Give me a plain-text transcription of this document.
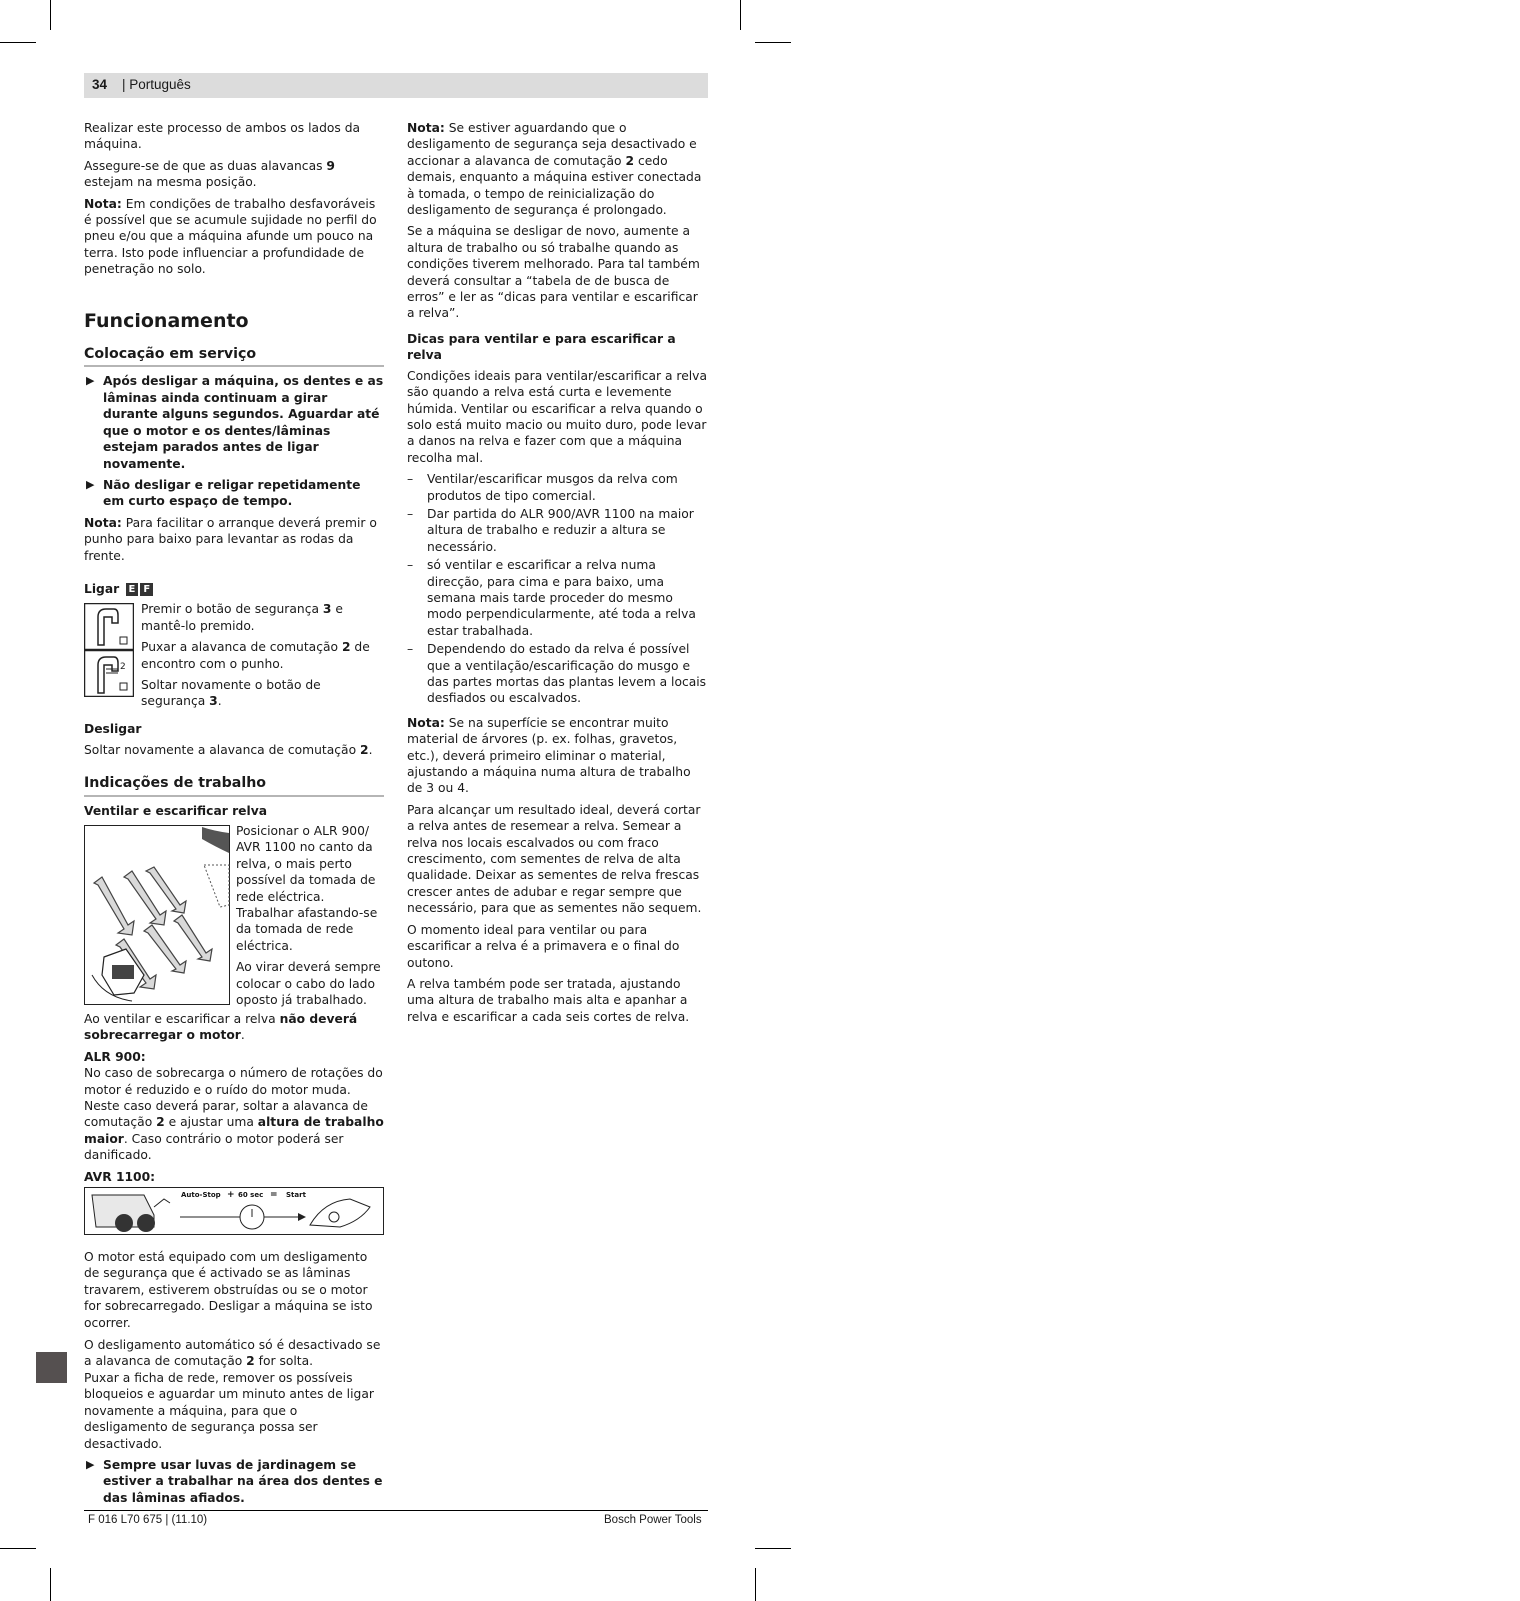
34 | Português

Realizar este processo de ambos os lados da máquina.

Assegure-se de que as duas alavancas 9 estejam na mesma posição.

Nota: Em condições de trabalho desfavoráveis é possível que se acumule sujidade no perfil do pneu e/ou que a máquina afunde um pouco na terra. Isto pode influenciar a profundidade de penetração no solo.

Funcionamento
Colocação em serviço
▶ Após desligar a máquina, os dentes e as lâminas ainda continuam a girar durante alguns segundos. Aguardar até que o motor e os dentes/lâminas estejam parados antes de ligar novamente.
▶ Não desligar e religar repetidamente em curto espaço de tempo.

Nota: Para facilitar o arranque deverá premir o punho para baixo para levantar as rodas da frente.

Ligar E F
2

Premir o botão de segurança 3 e mantê-lo premido.

Puxar a alavanca de comutação 2 de encontro com o punho.

Soltar novamente o botão de segurança 3.

Desligar

Soltar novamente a alavanca de comutação 2.

Indicações de trabalho
Ventilar e escarificar relva

Posicionar o ALR 900/ AVR 1100 no canto da relva, o mais perto possível da tomada de rede eléctrica. Trabalhar afastando-se da tomada de rede eléctrica.

Ao virar deverá sempre colocar o cabo do lado oposto já trabalhado.

Ao ventilar e escarificar a relva não deverá sobrecarregar o motor.

ALR 900:

No caso de sobrecarga o número de rotações do motor é reduzido e o ruído do motor muda. Neste caso deverá parar, soltar a alavanca de comutação 2 e ajustar uma altura de trabalho maior. Caso contrário o motor poderá ser danificado.

AVR 1100:
Auto-Stop + 60 sec = Start

O motor está equipado com um desligamento de segurança que é activado se as lâminas travarem, estiverem obstruídas ou se o motor for sobrecarregado. Desligar a máquina se isto ocorrer.

O desligamento automático só é desactivado se a alavanca de comutação 2 for solta.

Puxar a ficha de rede, remover os possíveis bloqueios e aguardar um minuto antes de ligar novamente a máquina, para que o desligamento de segurança possa ser desactivado.

▶ Sempre usar luvas de jardinagem se estiver a trabalhar na área dos dentes e das lâminas afiados.

Nota: Se estiver aguardando que o desligamento de segurança seja desactivado e accionar a alavanca de comutação 2 cedo demais, enquanto a máquina estiver conectada à tomada, o tempo de reinicialização do desligamento de segurança é prolongado.

Se a máquina se desligar de novo, aumente a altura de trabalho ou só trabalhe quando as condições tiverem melhorado. Para tal também deverá consultar a “tabela de de busca de erros” e ler as “dicas para ventilar e escarificar a relva”.

Dicas para ventilar e para escarificar a relva

Condições ideais para ventilar/escarificar a relva são quando a relva está curta e levemente húmida. Ventilar ou escarificar a relva quando o solo está muito macio ou muito duro, pode levar a danos na relva e fazer com que a máquina recolha mal.

– Ventilar/escarificar musgos da relva com produtos de tipo comercial.
– Dar partida do ALR 900/AVR 1100 na maior altura de trabalho e reduzir a altura se necessário.
– só ventilar e escarificar a relva numa direcção, para cima e para baixo, uma semana mais tarde proceder do mesmo modo perpendicularmente, até toda a relva estar trabalhada.
– Dependendo do estado da relva é possível que a ventilação/escarificação do musgo e das partes mortas das plantas levem a locais desfiados ou escalvados.

Nota: Se na superfície se encontrar muito material de árvores (p. ex. folhas, gravetos, etc.), deverá primeiro eliminar o material, ajustando a máquina numa altura de trabalho de 3 ou 4.

Para alcançar um resultado ideal, deverá cortar a relva antes de resemear a relva. Semear a relva nos locais escalvados ou com fraco crescimento, com sementes de relva de alta qualidade. Deixar as sementes de relva frescas crescer antes de adubar e regar sempre que necessário, para que as sementes não sequem.

O momento ideal para ventilar ou para escarificar a relva é a primavera e o final do outono.

A relva também pode ser tratada, ajustando uma altura de trabalho mais alta e apanhar a relva e escarificar a cada seis cortes de relva.

F 016 L70 675 | (11.10)	Bosch Power Tools
